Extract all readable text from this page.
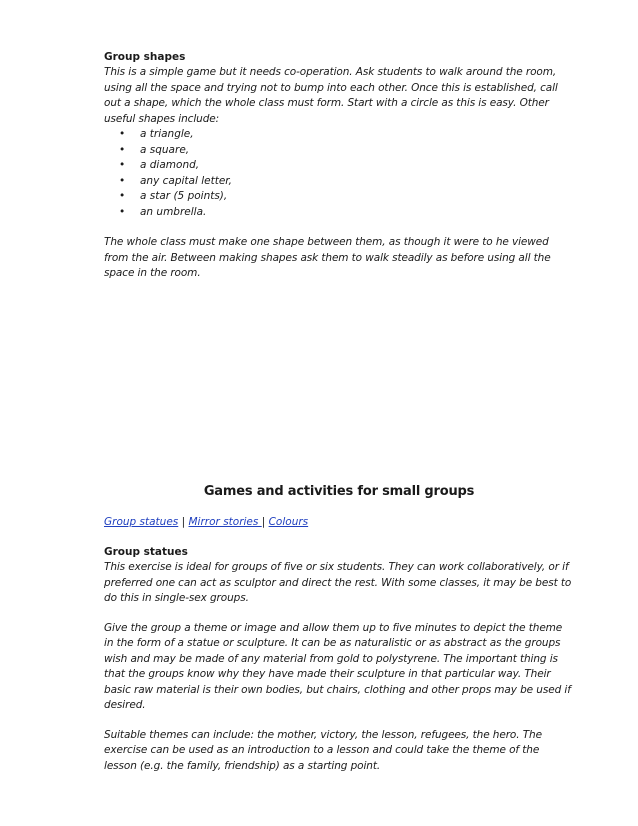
Group shapes

This is a simple game but it needs co-operation. Ask students to walk around the room, using all the space and trying not to bump into each other. Once this is established, call out a shape, which the whole class must form. Start with a circle as this is easy. Other useful shapes include:

• a triangle,
• a square,
• a diamond,
• any capital letter,
• a star (5 points),
• an umbrella.

The whole class must make one shape between them, as though it were to he viewed from the air. Between making shapes ask them to walk steadily as before using all the space in the room.

Games and activities for small groups
Group statues | Mirror stories | Colours

Group statues

This exercise is ideal for groups of five or six students. They can work collaboratively, or if preferred one can act as sculptor and direct the rest. With some classes, it may be best to do this in single-sex groups.

Give the group a theme or image and allow them up to five minutes to depict the theme in the form of a statue or sculpture. It can be as naturalistic or as abstract as the groups wish and may be made of any material from gold to polystyrene. The important thing is that the groups know why they have made their sculpture in that particular way. Their basic raw material is their own bodies, but chairs, clothing and other props may be used if desired.

Suitable themes can include: the mother, victory, the lesson, refugees, the hero. The exercise can be used as an introduction to a lesson and could take the theme of the lesson (e.g. the family, friendship) as a starting point.
